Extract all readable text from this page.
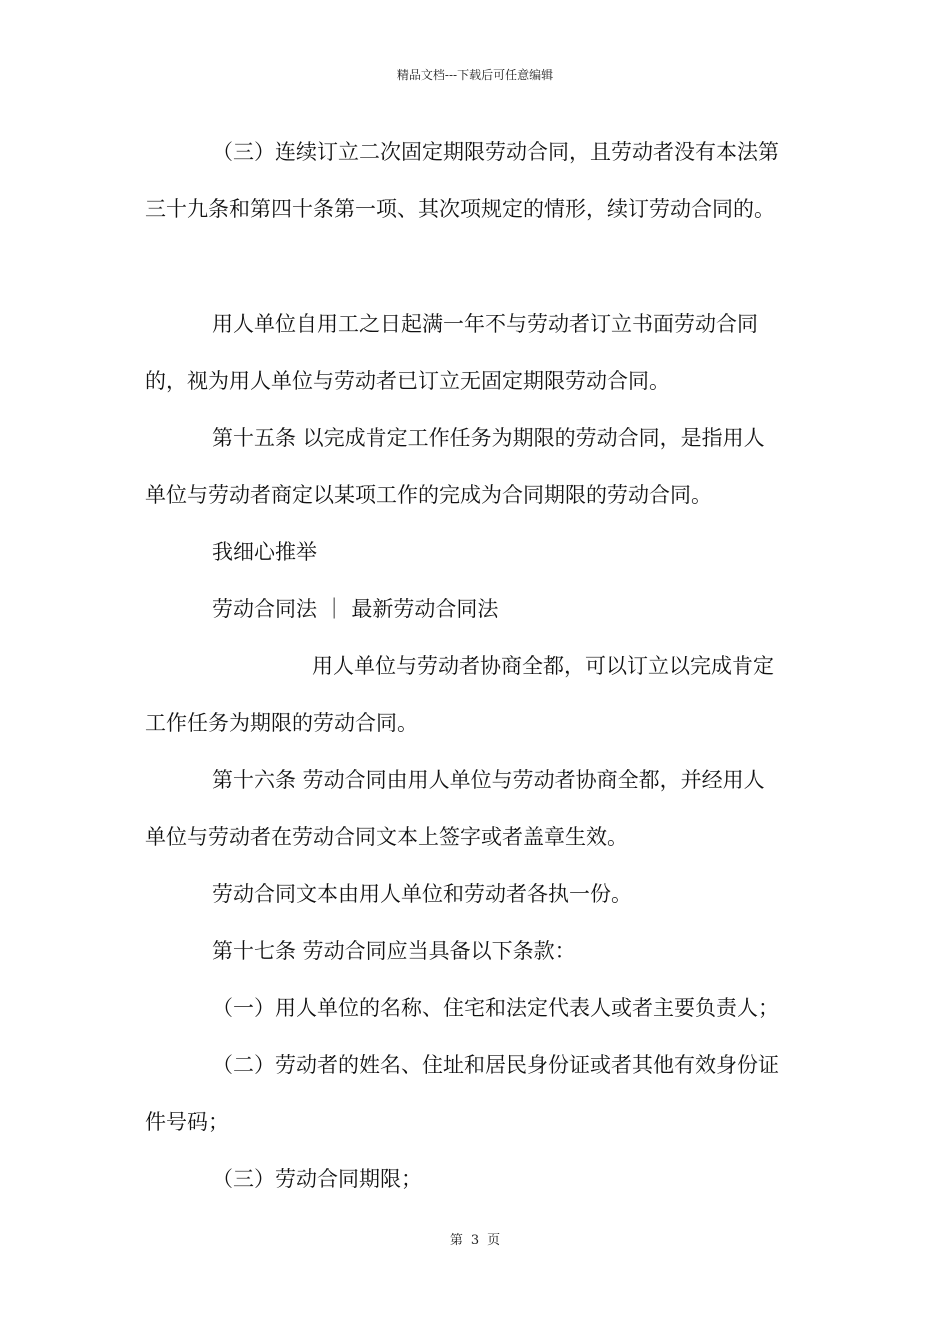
精品文档---下载后可任意编辑
（三）连续订立二次固定期限劳动合同，且劳动者没有本法第
三十九条和第四十条第一项、其次项规定的情形，续订劳动合同的。
用人单位自用工之日起满一年不与劳动者订立书面劳动合同
的，视为用人单位与劳动者已订立无固定期限劳动合同。
第十五条 以完成肯定工作任务为期限的劳动合同，是指用人
单位与劳动者商定以某项工作的完成为合同期限的劳动合同。
我细心推举
劳动合同法 ｜ 最新劳动合同法
用人单位与劳动者协商全都，可以订立以完成肯定
工作任务为期限的劳动合同。
第十六条 劳动合同由用人单位与劳动者协商全都，并经用人
单位与劳动者在劳动合同文本上签字或者盖章生效。
劳动合同文本由用人单位和劳动者各执一份。
第十七条 劳动合同应当具备以下条款：
（一）用人单位的名称、住宅和法定代表人或者主要负责人；
（二）劳动者的姓名、住址和居民身份证或者其他有效身份证
件号码；
（三）劳动合同期限；
第 3 页
